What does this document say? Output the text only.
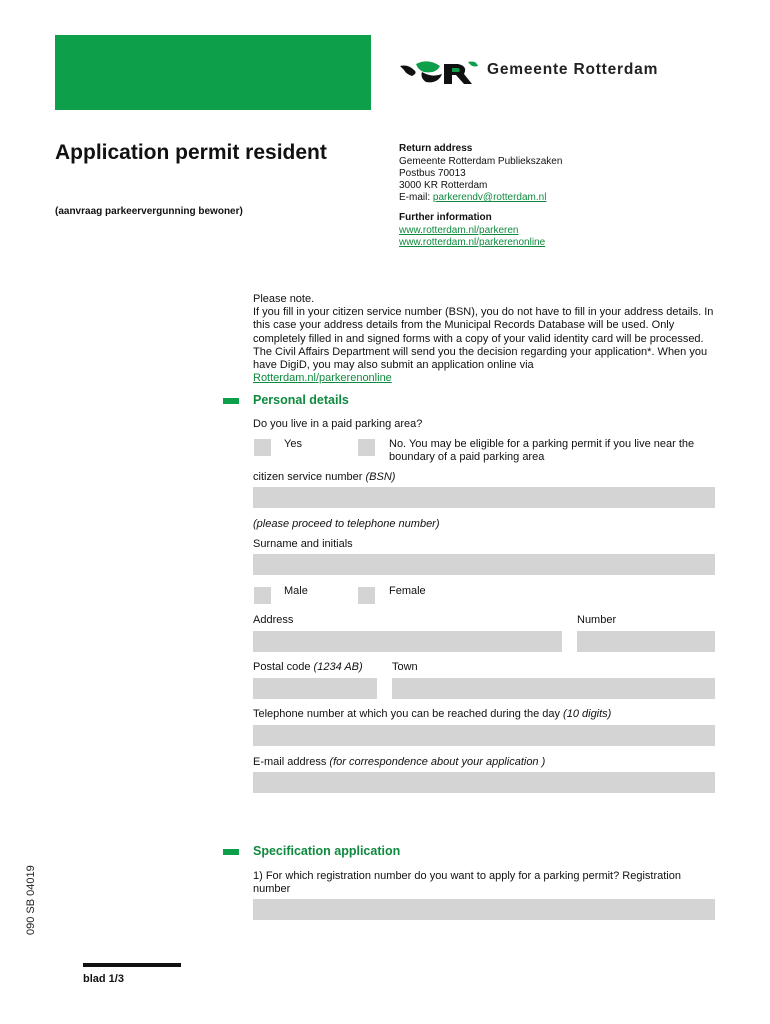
Gemeente Rotterdam
Application permit resident
(aanvraag parkeervergunning bewoner)
Return address
Gemeente Rotterdam Publiekszaken
Postbus 70013
3000 KR Rotterdam
E-mail: parkerendv@rotterdam.nl
Further information
www.rotterdam.nl/parkeren
www.rotterdam.nl/parkerenonline
Please note.
If you fill in your citizen service number (BSN), you do not have to fill in your address details. In this case your address details from the Municipal Records Database will be used. Only completely filled in and signed forms with a copy of your valid identity card will be processed. The Civil Affairs Department will send you the decision regarding your application*. When you have DigiD, you may also submit an application online via
Rotterdam.nl/parkerenonline
Personal details
Do you live in a paid parking area?
Yes	No. You may be eligible for a parking permit if you live near the boundary of a paid parking area
citizen service number (BSN)
(please proceed to telephone number)
Surname and initials
Male	Female
Address	Number
Postal code (1234 AB)	Town
Telephone number at which you can be reached during the day (10 digits)
E-mail address (for correspondence about your application )
Specification application
1) For which registration number do you want to apply for a parking permit? Registration number
090 SB 04019
blad 1/3
